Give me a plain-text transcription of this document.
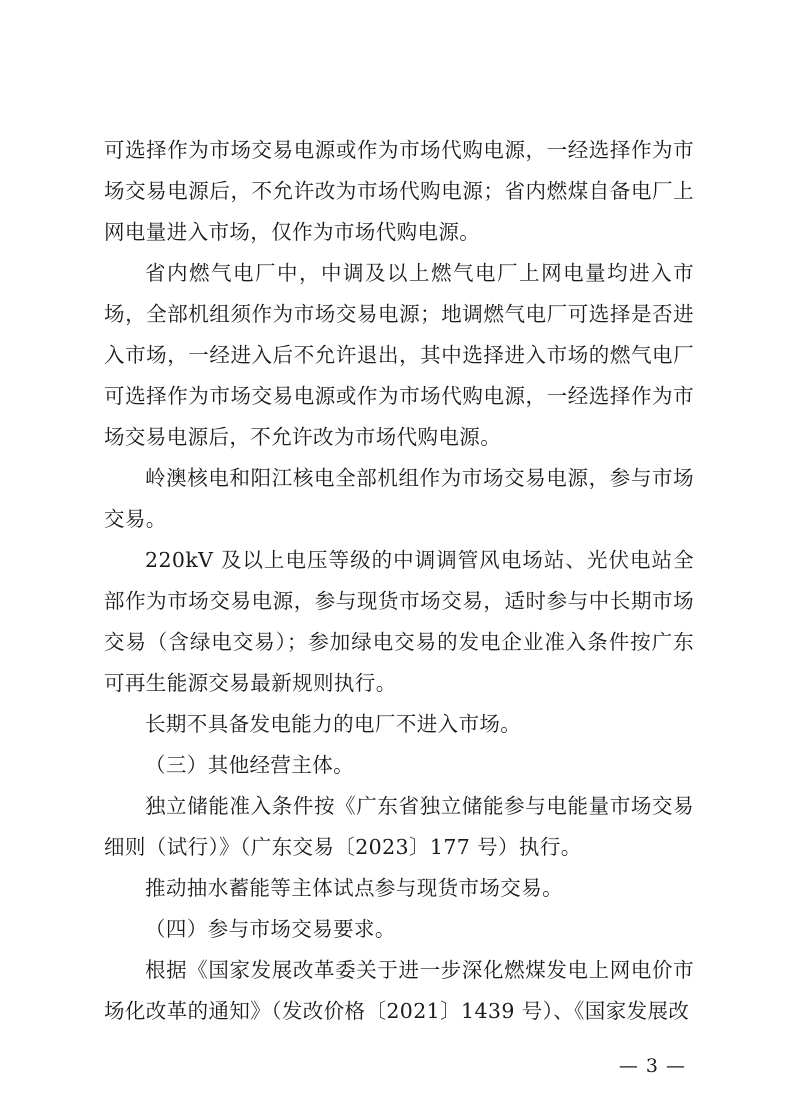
可选择作为市场交易电源或作为市场代购电源，一经选择作为市场交易电源后，不允许改为市场代购电源；省内燃煤自备电厂上网电量进入市场，仅作为市场代购电源。

省内燃气电厂中，中调及以上燃气电厂上网电量均进入市场，全部机组须作为市场交易电源；地调燃气电厂可选择是否进入市场，一经进入后不允许退出，其中选择进入市场的燃气电厂可选择作为市场交易电源或作为市场代购电源，一经选择作为市场交易电源后，不允许改为市场代购电源。

岭澳核电和阳江核电全部机组作为市场交易电源，参与市场交易。

220kV 及以上电压等级的中调调管风电场站、光伏电站全部作为市场交易电源，参与现货市场交易，适时参与中长期市场交易（含绿电交易）；参加绿电交易的发电企业准入条件按广东可再生能源交易最新规则执行。

长期不具备发电能力的电厂不进入市场。

（三）其他经营主体。

独立储能准入条件按《广东省独立储能参与电能量市场交易细则（试行）》（广东交易〔2023〕177 号）执行。

推动抽水蓄能等主体试点参与现货市场交易。

（四）参与市场交易要求。

根据《国家发展改革委关于进一步深化燃煤发电上网电价市场化改革的通知》（发改价格〔2021〕1439 号）、《国家发展改

— 3 —
